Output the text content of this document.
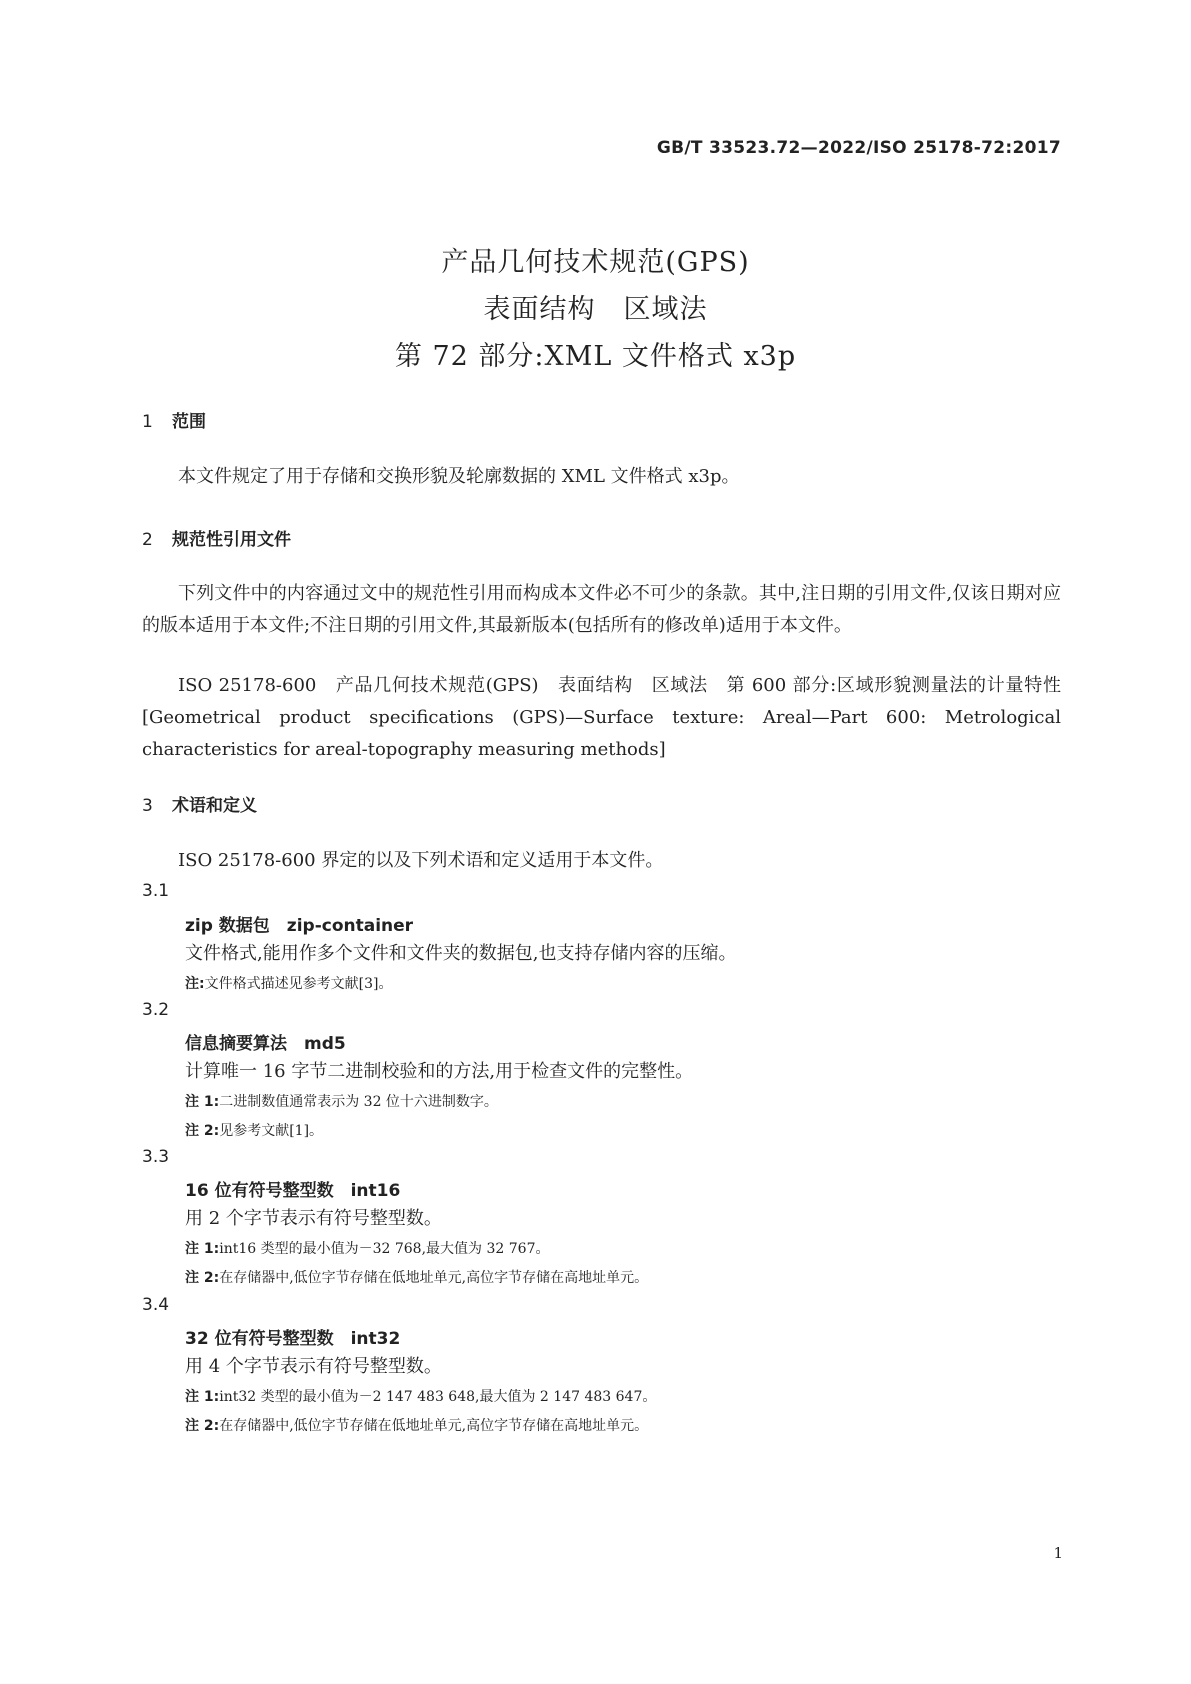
GB/T 33523.72—2022/ISO 25178-72:2017
产品几何技术规范(GPS)
表面结构　区域法
第 72 部分:XML 文件格式 x3p
1 范围
本文件规定了用于存储和交换形貌及轮廓数据的 XML 文件格式 x3p。
2 规范性引用文件
下列文件中的内容通过文中的规范性引用而构成本文件必不可少的条款。其中,注日期的引用文件,仅该日期对应的版本适用于本文件;不注日期的引用文件,其最新版本(包括所有的修改单)适用于本文件。
ISO 25178-600　产品几何技术规范(GPS)　表面结构　区域法　第 600 部分:区域形貌测量法的计量特性[Geometrical product specifications (GPS)—Surface texture: Areal—Part 600: Metrological characteristics for areal-topography measuring methods]
3 术语和定义
ISO 25178-600 界定的以及下列术语和定义适用于本文件。
3.1
zip 数据包　zip-container
文件格式,能用作多个文件和文件夹的数据包,也支持存储内容的压缩。
注:文件格式描述见参考文献[3]。
3.2
信息摘要算法　md5
计算唯一 16 字节二进制校验和的方法,用于检查文件的完整性。
注 1:二进制数值通常表示为 32 位十六进制数字。
注 2:见参考文献[1]。
3.3
16 位有符号整型数　int16
用 2 个字节表示有符号整型数。
注 1:int16 类型的最小值为－32 768,最大值为 32 767。
注 2:在存储器中,低位字节存储在低地址单元,高位字节存储在高地址单元。
3.4
32 位有符号整型数　int32
用 4 个字节表示有符号整型数。
注 1:int32 类型的最小值为－2 147 483 648,最大值为 2 147 483 647。
注 2:在存储器中,低位字节存储在低地址单元,高位字节存储在高地址单元。
1
